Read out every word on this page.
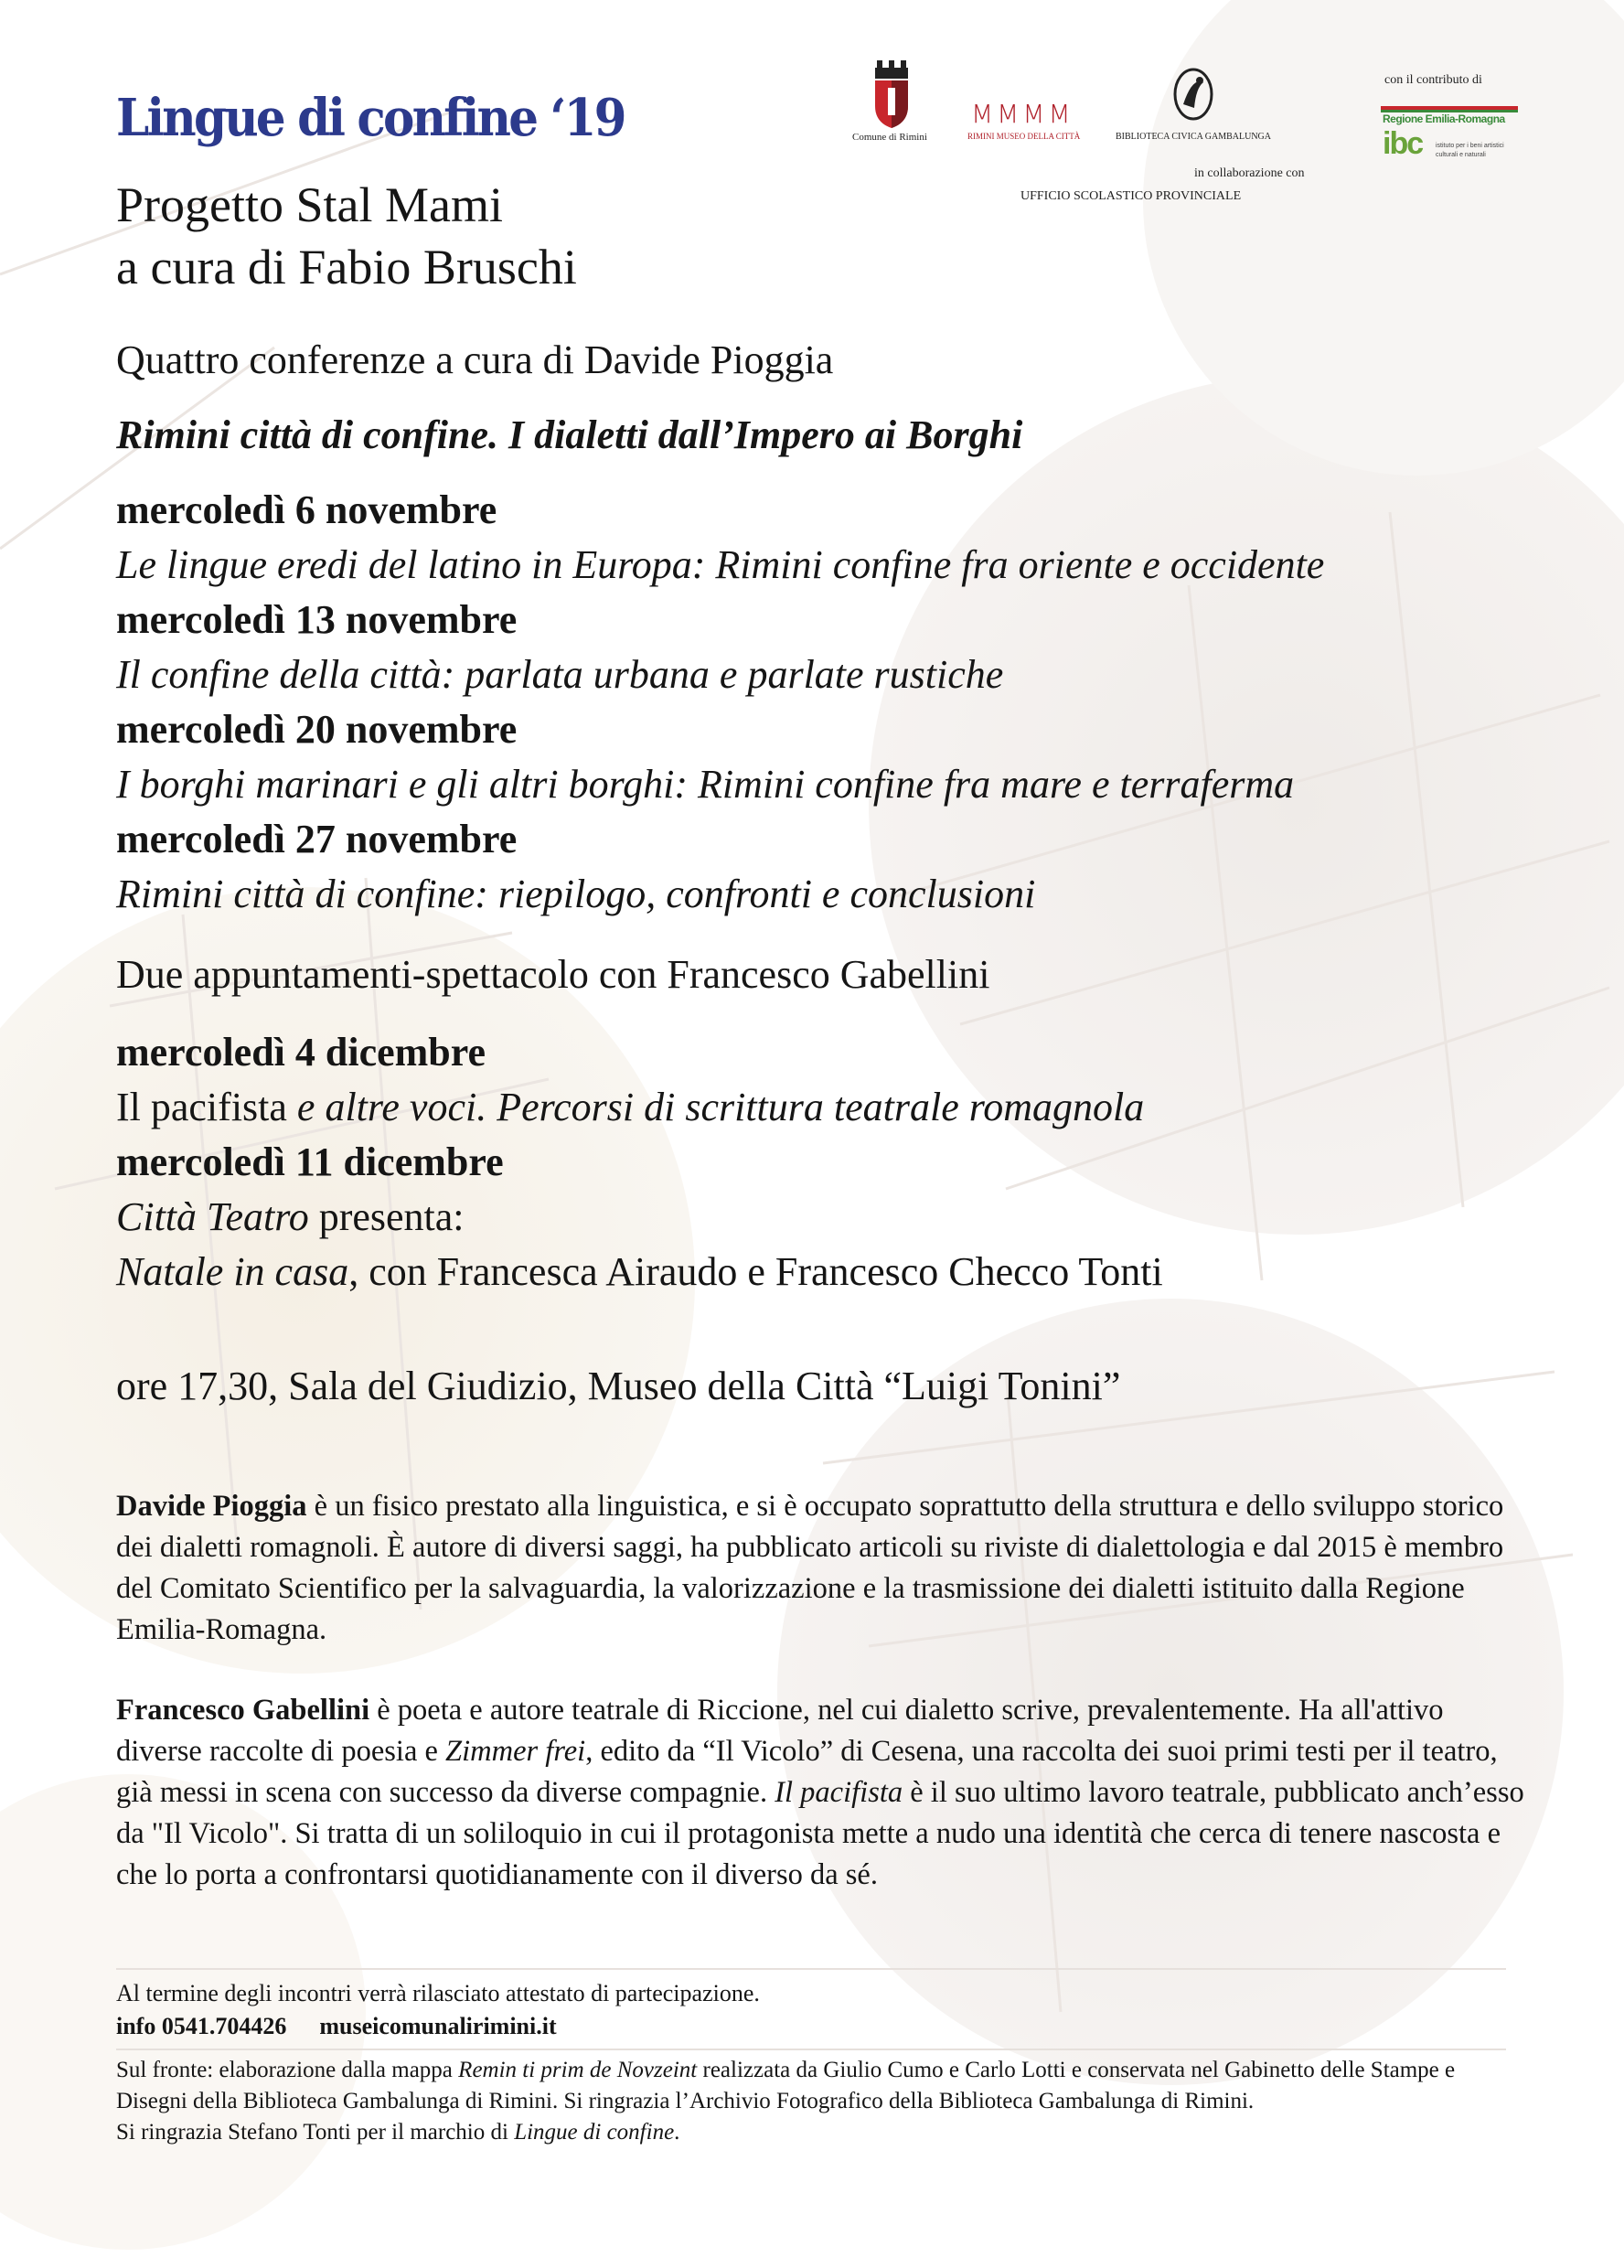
Lingue di confine ‘19

Progetto Stal Mami

a cura di Fabio Bruschi

Comune di Rimini
MMMM
RIMINI MUSEO DELLA CITTÀ	BIBLIOTECA CIVICA GAMBALUNGA
in collaborazione con
UFFICIO SCOLASTICO PROVINCIALE
con il contributo di
Regione Emilia-Romagna
ibc istituto per i beni artistici
culturali e naturali

Quattro conferenze a cura di Davide Pioggia

Rimini città di confine. I dialetti dall’Impero ai Borghi

mercoledì 6 novembre
Le lingue eredi del latino in Europa: Rimini confine fra oriente e occidente
mercoledì 13 novembre
Il confine della città: parlata urbana e parlate rustiche
mercoledì 20 novembre
I borghi marinari e gli altri borghi: Rimini confine fra mare e terraferma
mercoledì 27 novembre
Rimini città di confine: riepilogo, confronti e conclusioni

Due appuntamenti-spettacolo con Francesco Gabellini

mercoledì 4 dicembre
Il pacifista e altre voci. Percorsi di scrittura teatrale romagnola
mercoledì 11 dicembre
Città Teatro presenta:
Natale in casa, con Francesca Airaudo e Francesco Checco Tonti

ore 17,30, Sala del Giudizio, Museo della Città “Luigi Tonini”

Davide Pioggia è un fisico prestato alla linguistica, e si è occupato soprattutto della struttura e dello sviluppo storico dei dialetti romagnoli. È autore di diversi saggi, ha pubblicato articoli su riviste di dialettologia e dal 2015 è membro del Comitato Scientifico per la salvaguardia, la valorizzazione e la trasmissione dei dialetti istituito dalla Regione Emilia-Romagna.

Francesco Gabellini è poeta e autore teatrale di Riccione, nel cui dialetto scrive, prevalentemente. Ha all'attivo diverse raccolte di poesia e Zimmer frei, edito da “Il Vicolo” di Cesena, una raccolta dei suoi primi testi per il teatro, già messi in scena con successo da diverse compagnie. Il pacifista è il suo ultimo lavoro teatrale, pubblicato anch’esso da "Il Vicolo". Si tratta di un soliloquio in cui il protagonista mette a nudo una identità che cerca di tenere nascosta e che lo porta a confrontarsi quotidianamente con il diverso da sé.

Al termine degli incontri verrà rilasciato attestato di partecipazione.

info 0541.704426 museicomunalirimini.it

Sul fronte: elaborazione dalla mappa Remin ti prim de Novzeint realizzata da Giulio Cumo e Carlo Lotti e conservata nel Gabinetto delle Stampe e Disegni della Biblioteca Gambalunga di Rimini. Si ringrazia l’Archivio Fotografico della Biblioteca Gambalunga di Rimini.
Si ringrazia Stefano Tonti per il marchio di Lingue di confine.
